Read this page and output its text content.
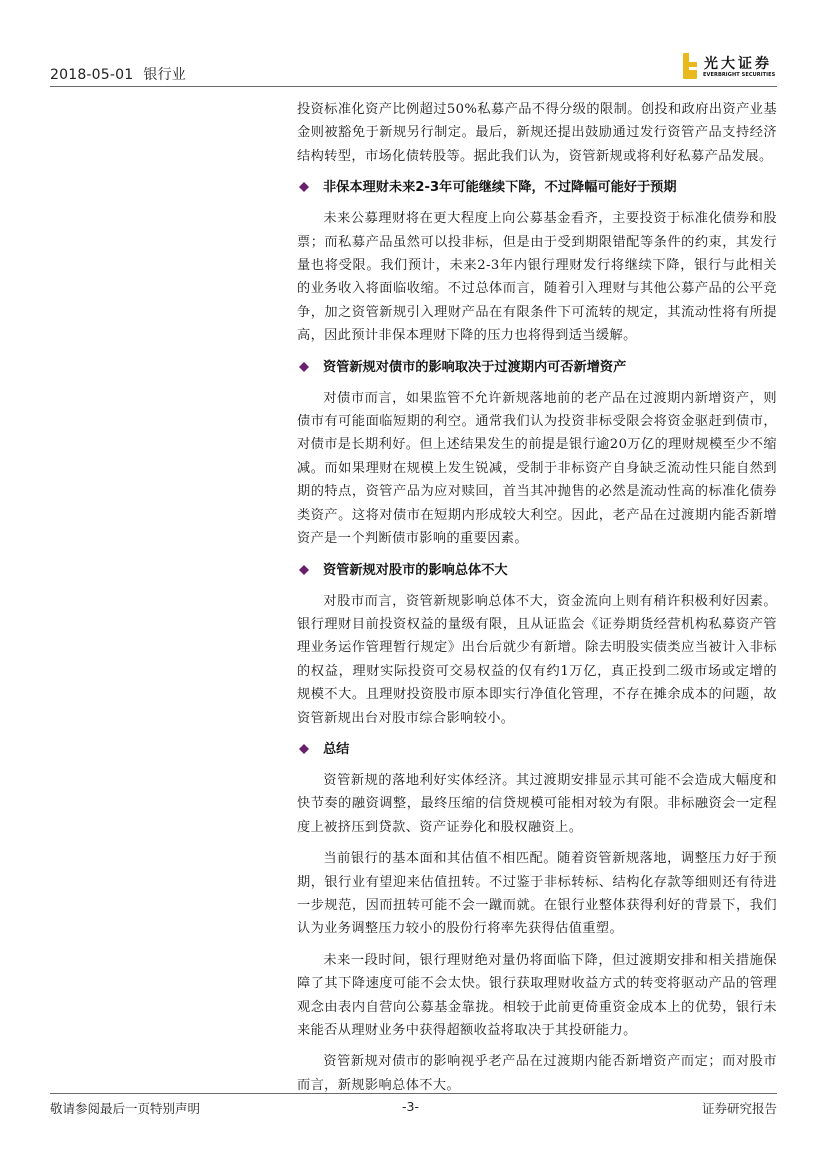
2018-05-01 银行业
光大证券
EVERBRIGHT SECURITIES

投资标准化资产比例超过50%私募产品不得分级的限制。创投和政府出资产业基金则被豁免于新规另行制定。最后，新规还提出鼓励通过发行资管产品支持经济结构转型，市场化债转股等。据此我们认为，资管新规或将利好私募产品发展。

非保本理财未来2-3年可能继续下降，不过降幅可能好于预期

未来公募理财将在更大程度上向公募基金看齐，主要投资于标准化债券和股票；而私募产品虽然可以投非标，但是由于受到期限错配等条件的约束，其发行量也将受限。我们预计，未来2-3年内银行理财发行将继续下降，银行与此相关的业务收入将面临收缩。不过总体而言，随着引入理财与其他公募产品的公平竞争，加之资管新规引入理财产品在有限条件下可流转的规定，其流动性将有所提高，因此预计非保本理财下降的压力也将得到适当缓解。

资管新规对债市的影响取决于过渡期内可否新增资产

对债市而言，如果监管不允许新规落地前的老产品在过渡期内新增资产，则债市有可能面临短期的利空。通常我们认为投资非标受限会将资金驱赶到债市，对债市是长期利好。但上述结果发生的前提是银行逾20万亿的理财规模至少不缩减。而如果理财在规模上发生锐减，受制于非标资产自身缺乏流动性只能自然到期的特点，资管产品为应对赎回，首当其冲抛售的必然是流动性高的标准化债券类资产。这将对债市在短期内形成较大利空。因此，老产品在过渡期内能否新增资产是一个判断债市影响的重要因素。

资管新规对股市的影响总体不大

对股市而言，资管新规影响总体不大，资金流向上则有稍许积极利好因素。银行理财目前投资权益的量级有限，且从证监会《证券期货经营机构私募资产管理业务运作管理暂行规定》出台后就少有新增。除去明股实债类应当被计入非标的权益，理财实际投资可交易权益的仅有约1万亿，真正投到二级市场或定增的规模不大。且理财投资股市原本即实行净值化管理，不存在摊余成本的问题，故资管新规出台对股市综合影响较小。

总结

资管新规的落地利好实体经济。其过渡期安排显示其可能不会造成大幅度和快节奏的融资调整，最终压缩的信贷规模可能相对较为有限。非标融资会一定程度上被挤压到贷款、资产证券化和股权融资上。

当前银行的基本面和其估值不相匹配。随着资管新规落地，调整压力好于预期，银行业有望迎来估值扭转。不过鉴于非标转标、结构化存款等细则还有待进一步规范，因而扭转可能不会一蹴而就。在银行业整体获得利好的背景下，我们认为业务调整压力较小的股份行将率先获得估值重塑。

未来一段时间，银行理财绝对量仍将面临下降，但过渡期安排和相关措施保障了其下降速度可能不会太快。银行获取理财收益方式的转变将驱动产品的管理观念由表内自营向公募基金靠拢。相较于此前更倚重资金成本上的优势，银行未来能否从理财业务中获得超额收益将取决于其投研能力。

资管新规对债市的影响视乎老产品在过渡期内能否新增资产而定；而对股市而言，新规影响总体不大。

敬请参阅最后一页特别声明	-3-	证券研究报告
